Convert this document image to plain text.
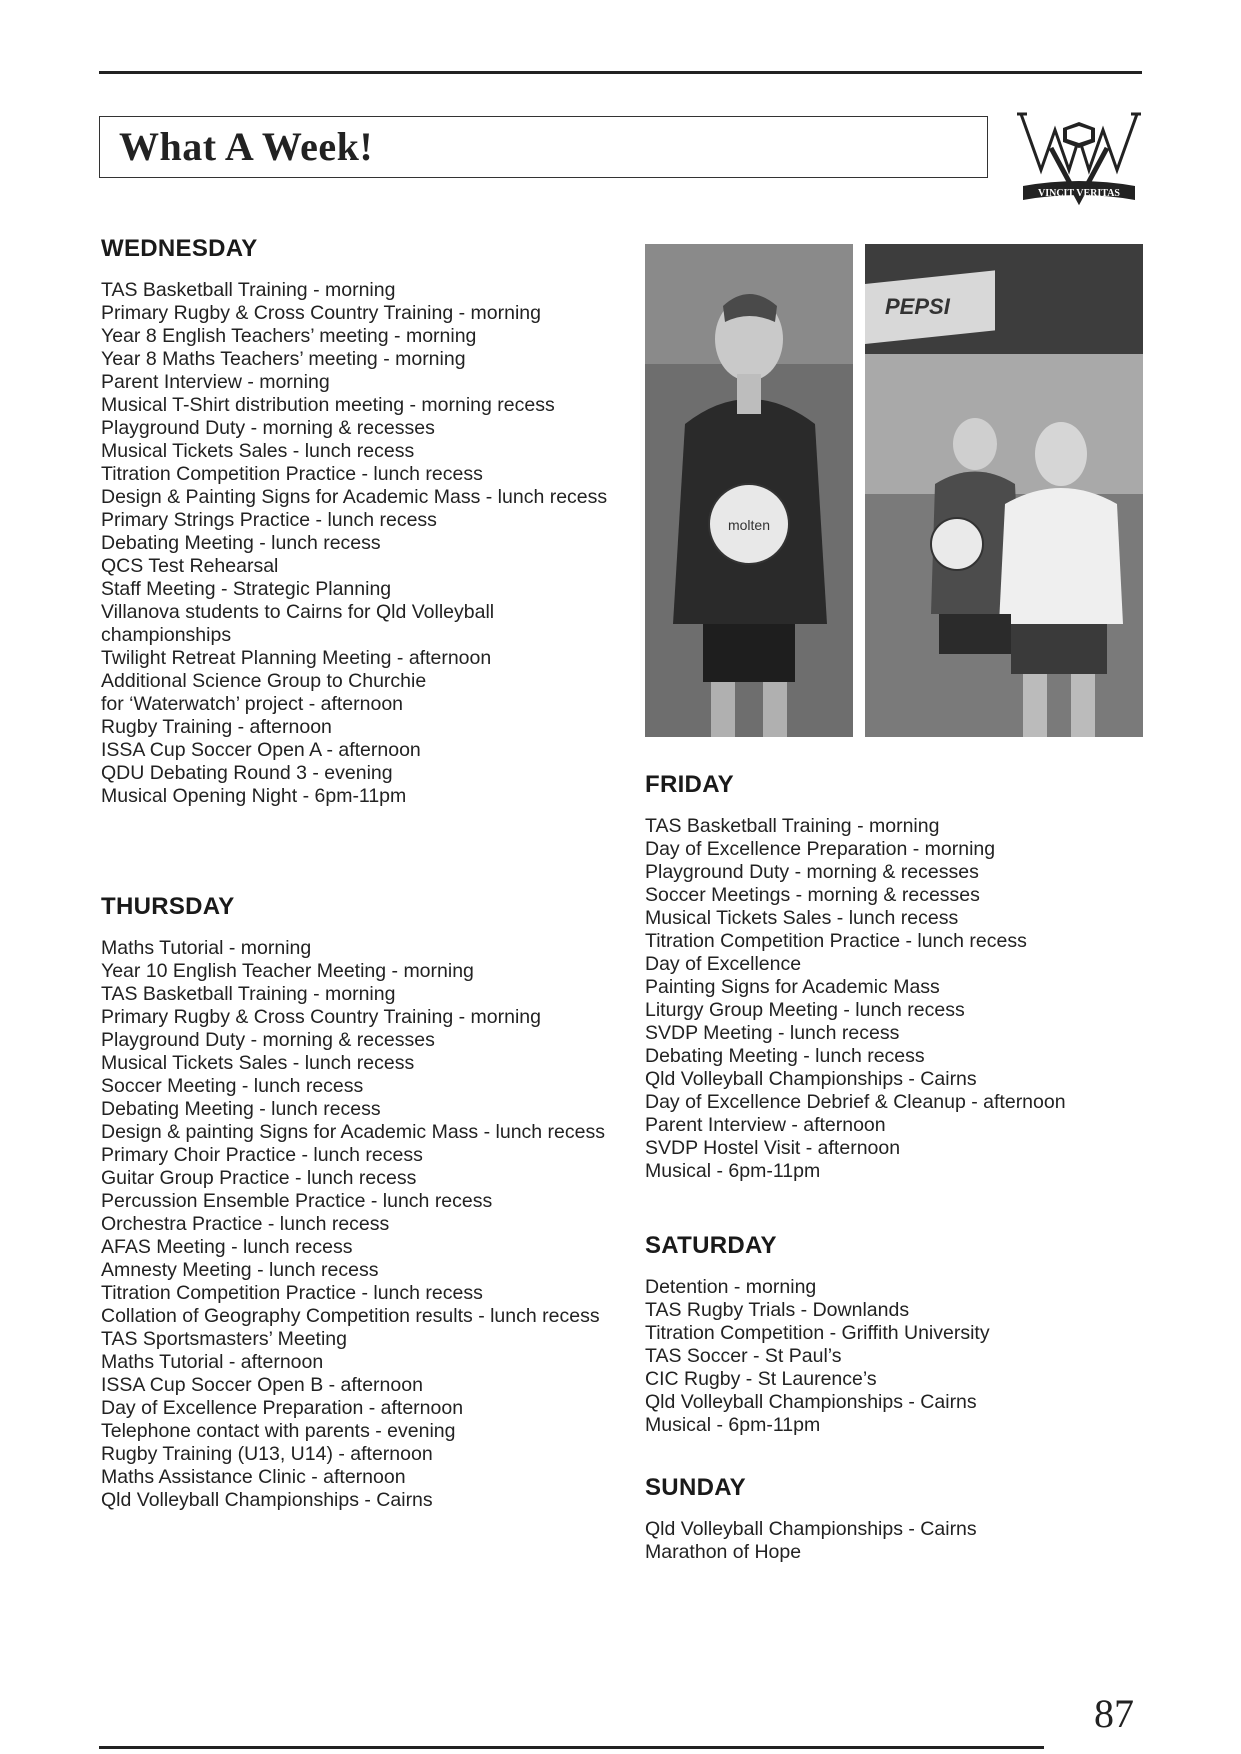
What A Week!
VINCIT VERITAS
WEDNESDAY
TAS Basketball Training - morning
Primary Rugby & Cross Country Training - morning
Year 8 English Teachers’ meeting - morning
Year 8 Maths Teachers’ meeting - morning
Parent Interview - morning
Musical T-Shirt distribution meeting - morning recess
Playground Duty - morning & recesses
Musical Tickets Sales - lunch recess
Titration Competition Practice - lunch recess
Design & Painting Signs for Academic Mass - lunch recess
Primary Strings Practice - lunch recess
Debating Meeting - lunch recess
QCS Test Rehearsal
Staff Meeting - Strategic Planning
Villanova students to Cairns for Qld Volleyball championships
Twilight Retreat Planning Meeting - afternoon
Additional Science Group to Churchie
for ‘Waterwatch’ project - afternoon
Rugby Training - afternoon
ISSA Cup Soccer Open A - afternoon
QDU Debating Round 3 - evening
Musical Opening Night - 6pm-11pm
THURSDAY
Maths Tutorial - morning
Year 10 English Teacher Meeting - morning
TAS Basketball Training - morning
Primary Rugby & Cross Country Training - morning
Playground Duty - morning & recesses
Musical Tickets Sales - lunch recess
Soccer Meeting - lunch recess
Debating Meeting - lunch recess
Design & painting Signs for Academic Mass - lunch recess
Primary Choir Practice - lunch recess
Guitar Group Practice - lunch recess
Percussion Ensemble Practice - lunch recess
Orchestra Practice - lunch recess
AFAS Meeting - lunch recess
Amnesty Meeting - lunch recess
Titration Competition Practice - lunch recess
Collation of Geography Competition results - lunch recess
TAS Sportsmasters’ Meeting
Maths Tutorial - afternoon
ISSA Cup Soccer Open B - afternoon
Day of Excellence Preparation - afternoon
Telephone contact with parents - evening
Rugby Training (U13, U14) - afternoon
Maths Assistance Clinic - afternoon
Qld Volleyball Championships - Cairns
molten
PEPSI
FRIDAY
TAS Basketball Training - morning
Day of Excellence Preparation - morning
Playground Duty - morning & recesses
Soccer Meetings - morning & recesses
Musical Tickets Sales - lunch recess
Titration Competition Practice - lunch recess
Day of Excellence
Painting Signs for Academic Mass
Liturgy Group Meeting - lunch recess
SVDP Meeting - lunch recess
Debating Meeting - lunch recess
Qld Volleyball Championships - Cairns
Day of Excellence Debrief & Cleanup - afternoon
Parent Interview - afternoon
SVDP Hostel Visit - afternoon
Musical - 6pm-11pm
SATURDAY
Detention - morning
TAS Rugby Trials - Downlands
Titration Competition - Griffith University
TAS Soccer - St Paul’s
CIC Rugby - St Laurence’s
Qld Volleyball Championships - Cairns
Musical - 6pm-11pm
SUNDAY
Qld Volleyball Championships - Cairns
Marathon of Hope
87
